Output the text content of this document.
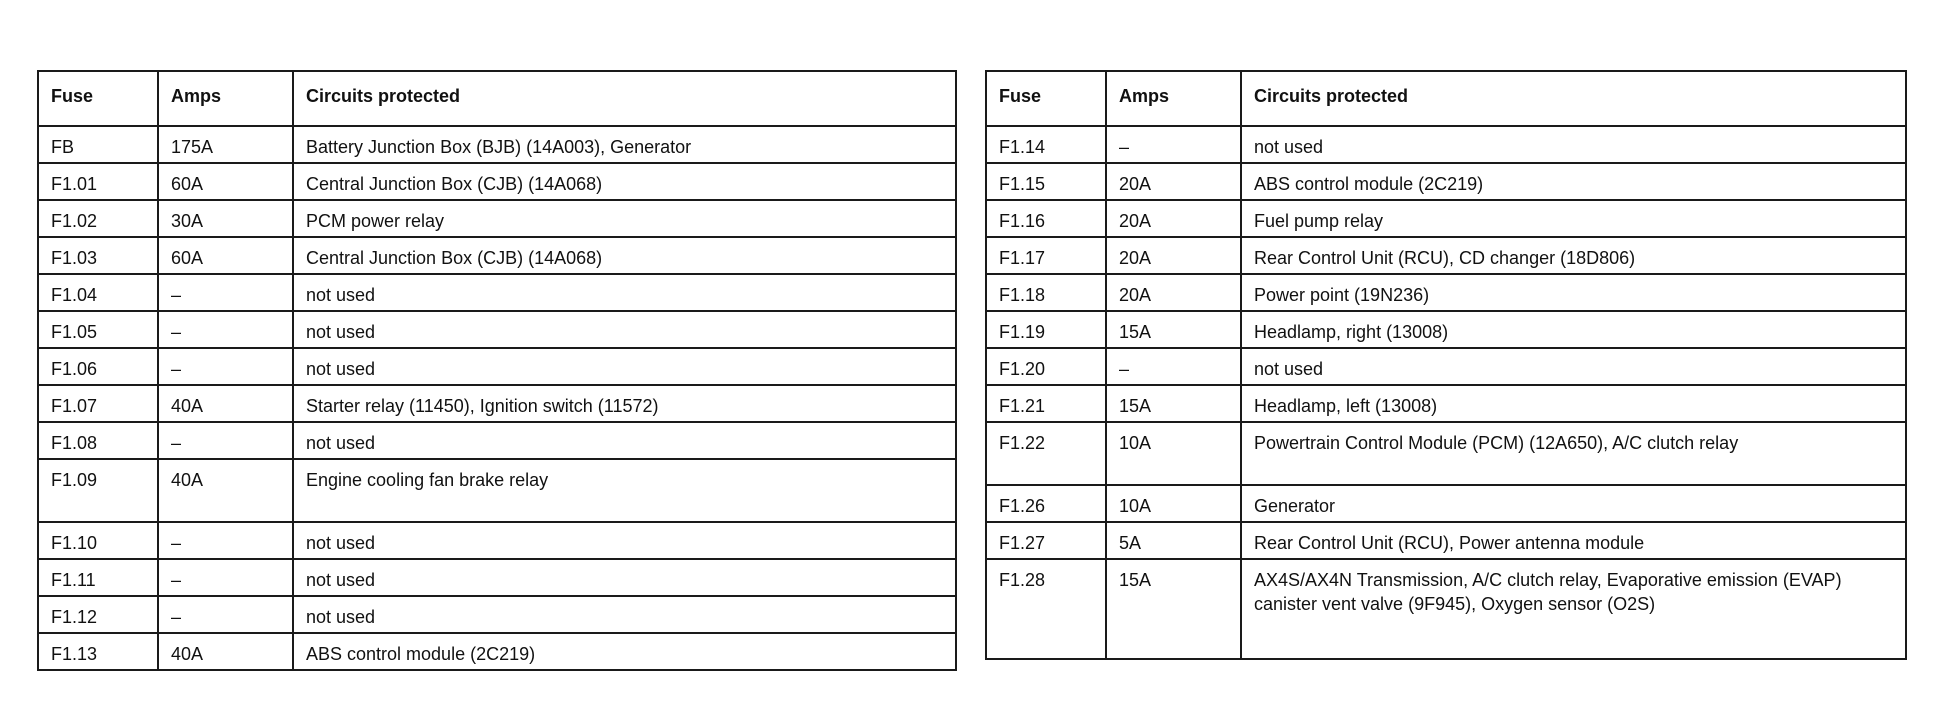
Fuse	Amps	Circuits protected
FB	175A	Battery Junction Box (BJB) (14A003), Generator
F1.01	60A	Central Junction Box (CJB) (14A068)
F1.02	30A	PCM power relay
F1.03	60A	Central Junction Box (CJB) (14A068)
F1.04	–	not used
F1.05	–	not used
F1.06	–	not used
F1.07	40A	Starter relay (11450), Ignition switch (11572)
F1.08	–	not used
F1.09	40A	Engine cooling fan brake relay
F1.10	–	not used
F1.11	–	not used
F1.12	–	not used
F1.13	40A	ABS control module (2C219)
Fuse	Amps	Circuits protected
F1.14	–	not used
F1.15	20A	ABS control module (2C219)
F1.16	20A	Fuel pump relay
F1.17	20A	Rear Control Unit (RCU), CD changer (18D806)
F1.18	20A	Power point (19N236)
F1.19	15A	Headlamp, right (13008)
F1.20	–	not used
F1.21	15A	Headlamp, left (13008)
F1.22	10A	Powertrain Control Module (PCM) (12A650), A/C clutch relay
F1.26	10A	Generator
F1.27	5A	Rear Control Unit (RCU), Power antenna module
F1.28	15A	AX4S/AX4N Transmission, A/C clutch relay, Evaporative emission (EVAP) canister vent valve (9F945), Oxygen sensor (O2S)
